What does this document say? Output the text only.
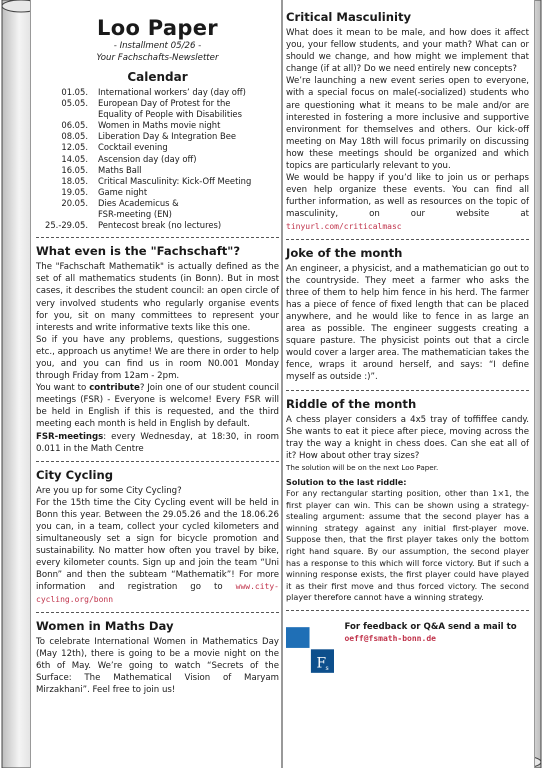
Loo Paper
- Installment 05/26 -
Your Fachschafts-Newsletter
Calendar
01.05.	International workers’ day (day off)
05.05.	European Day of Protest for the
Equality of People with Disabilities
06.05.	Women in Maths movie night
08.05.	Liberation Day & Integration Bee
12.05.	Cocktail evening
14.05.	Ascension day (day off)
16.05.	Maths Ball
18.05.	Critical Masculinity: Kick-Off Meeting
19.05.	Game night
20.05.	Dies Academicus &
FSR-meeting (EN)
25.-29.05.	Pentecost break (no lectures)
What even is the "Fachschaft"?
The "Fachschaft Mathematik" is actually defined as the set of all mathematics students (in Bonn). But in most cases, it describes the student council: an open circle of very involved students who regularly organise events for you, sit on many committees to represent your interests and write informative texts like this one.
So if you have any problems, questions, suggestions etc., approach us anytime! We are there in order to help you, and you can find us in room N0.001 Monday through Friday from 12am - 2pm.
You want to contribute? Join one of our student council meetings (FSR) - Everyone is welcome! Every FSR will be held in English if this is requested, and the third meeting each month is held in English by default.
FSR-meetings: every Wednesday, at 18:30, in room 0.011 in the Math Centre
City Cycling
Are you up for some City Cycling?
For the 15th time the City Cycling event will be held in Bonn this year. Between the 29.05.26 and the 18.06.26 you can, in a team, collect your cycled kilometers and simultaneously set a sign for bicycle promotion and sustainability. No matter how often you travel by bike, every kilometer counts. Sign up and join the team “Uni Bonn” and then the subteam “Mathematik”! For more information and registration go to www.city-cycling.org/bonn
Women in Maths Day
To celebrate International Women in Mathematics Day (May 12th), there is going to be a movie night on the 6th of May. We’re going to watch “Secrets of the Surface: The Mathematical Vision of Maryam Mirzakhani”. Feel free to join us!
Critical Masculinity
What does it mean to be male, and how does it affect you, your fellow students, and your math? What can or should we change, and how might we implement that change (if at all)? Do we need entirely new concepts?
We’re launching a new event series open to everyone, with a special focus on male(-socialized) students who are questioning what it means to be male and/or are interested in fostering a more inclusive and supportive environment for themselves and others. Our kick-off meeting on May 18th will focus primarily on discussing how these meetings should be organized and which topics are particularly relevant to you.
We would be happy if you’d like to join us or perhaps even help organize these events. You can find all further information, as well as resources on the topic of masculinity, on our website at tinyurl.com/criticalmasc
Joke of the month
An engineer, a physicist, and a mathematician go out to the countryside. They meet a farmer who asks the three of them to help him fence in his herd. The farmer has a piece of fence of fixed length that can be placed anywhere, and he would like to fence in as large an area as possible. The engineer suggests creating a square pasture. The physicist points out that a circle would cover a larger area. The mathematician takes the fence, wraps it around herself, and says: “I define myself as outside :)”.
Riddle of the month
A chess player considers a 4x5 tray of toffiffee candy. She wants to eat it piece after piece, moving across the tray the way a knight in chess does. Can she eat all of it? How about other tray sizes?
The solution will be on the next Loo Paper.
Solution to the last riddle:
For any rectangular starting position, other than 1×1, the first player can win. This can be shown using a strategy-stealing argument: assume that the second player has a winning strategy against any initial first-player move. Suppose then, that the first player takes only the bottom right hand square. By our assumption, the second player has a response to this which will force victory. But if such a winning response exists, the first player could have played it as their first move and thus forced victory. The second player therefore cannot have a winning strategy.
F s
For feedback or Q&A send a mail to oeff@fsmath-bonn.de
